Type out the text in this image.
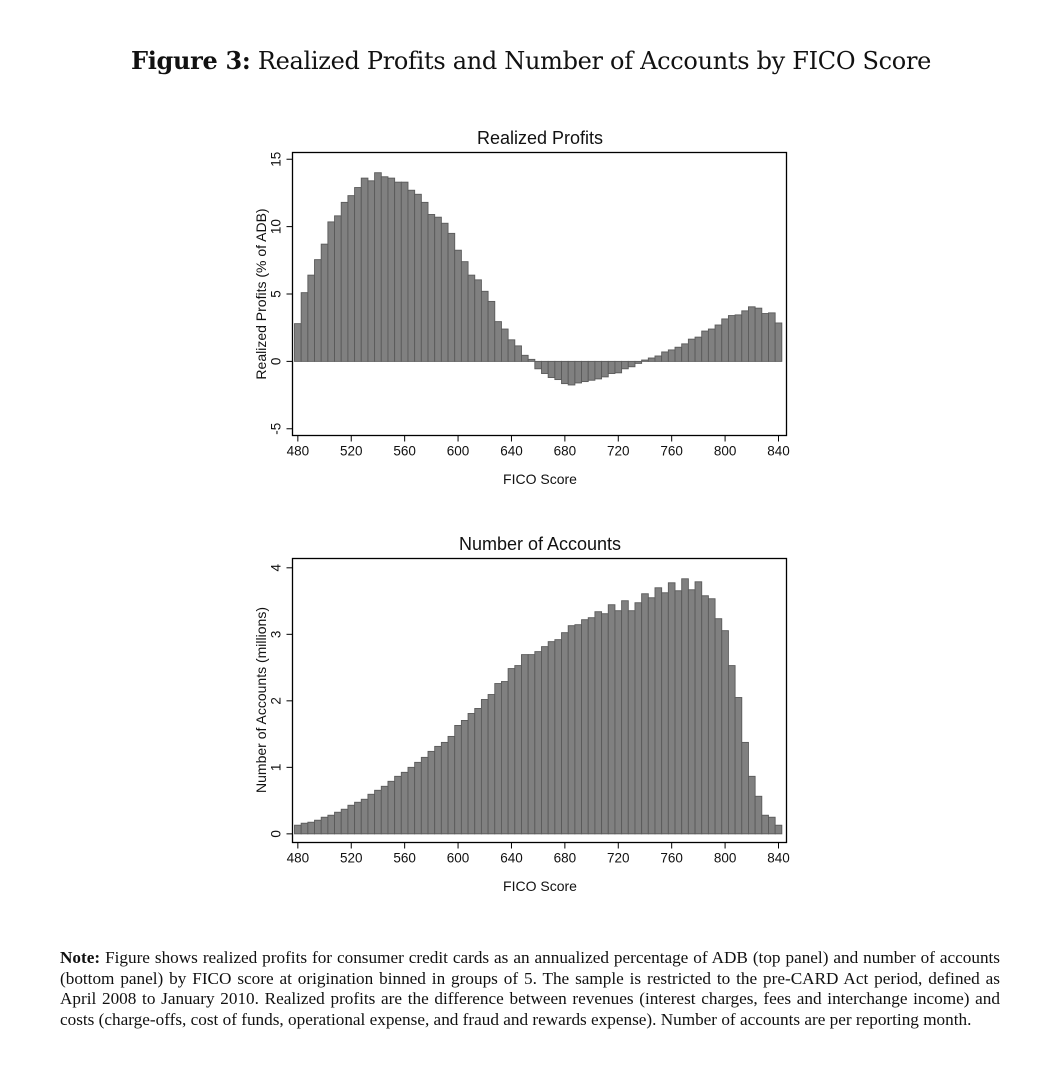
Figure 3: Realized Profits and Number of Accounts by FICO Score
Realized Profits
480 520 560 600 640 680 720 760 800 840
-5
0
5
10
15
FICO Score
Realized Profits (% of ADB)
Number of Accounts
480 520 560 600 640 680 720 760 800 840
0
1
2
3
4
FICO Score
Number of Accounts (millions)
Note: Figure shows realized profits for consumer credit cards as an annualized percentage of ADB (top panel) and number of accounts (bottom panel) by FICO score at origination binned in groups of 5. The sample is restricted to the pre-CARD Act period, defined as April 2008 to January 2010. Realized profits are the difference between revenues (interest charges, fees and interchange income) and costs (charge-offs, cost of funds, operational expense, and fraud and rewards expense). Number of accounts are per reporting month.
